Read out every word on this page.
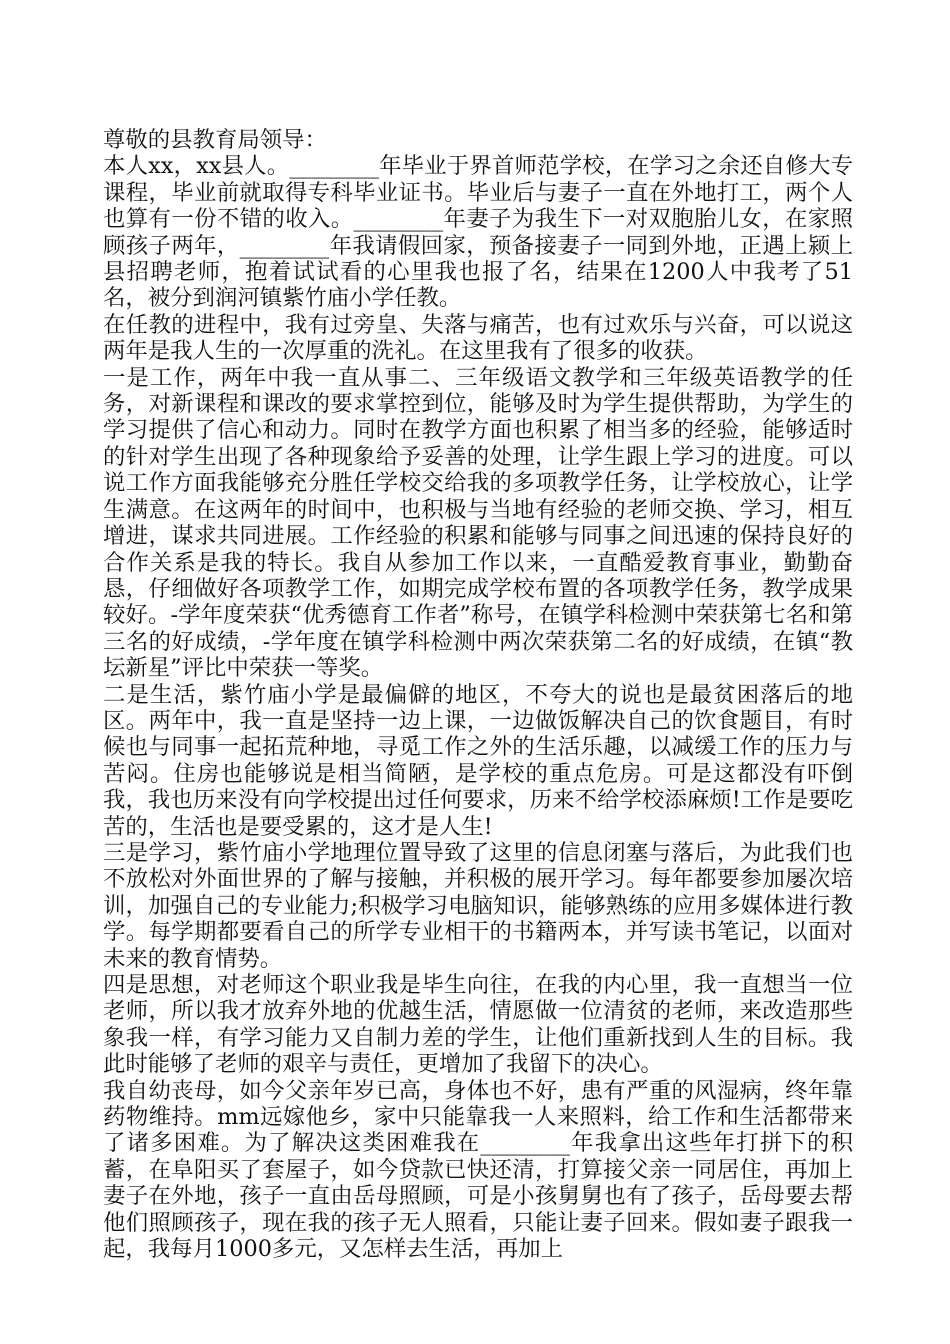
尊敬的县教育局领导：

本人xx，xx县人。________年毕业于界首师范学校，在学习之余还自修大专课程，毕业前就取得专科毕业证书。毕业后与妻子一直在外地打工，两个人也算有一份不错的收入。________年妻子为我生下一对双胞胎儿女，在家照顾孩子两年，________年我请假回家，预备接妻子一同到外地，正遇上颍上县招聘老师，抱着试试看的心里我也报了名，结果在1200人中我考了51名，被分到润河镇紫竹庙小学任教。

在任教的进程中，我有过旁皇、失落与痛苦，也有过欢乐与兴奋，可以说这两年是我人生的一次厚重的洗礼。在这里我有了很多的收获。

一是工作，两年中我一直从事二、三年级语文教学和三年级英语教学的任务，对新课程和课改的要求掌控到位，能够及时为学生提供帮助，为学生的学习提供了信心和动力。同时在教学方面也积累了相当多的经验，能够适时的针对学生出现了各种现象给予妥善的处理，让学生跟上学习的进度。可以说工作方面我能够充分胜任学校交给我的多项教学任务，让学校放心，让学生满意。在这两年的时间中，也积极与当地有经验的老师交换、学习，相互增进，谋求共同进展。工作经验的积累和能够与同事之间迅速的保持良好的合作关系是我的特长。我自从参加工作以来，一直酷爱教育事业，勤勤奋恳，仔细做好各项教学工作，如期完成学校布置的各项教学任务，教学成果较好。-学年度荣获“优秀德育工作者”称号，在镇学科检测中荣获第七名和第三名的好成绩，-学年度在镇学科检测中两次荣获第二名的好成绩，在镇“教坛新星”评比中荣获一等奖。

二是生活，紫竹庙小学是最偏僻的地区，不夸大的说也是最贫困落后的地区。两年中，我一直是坚持一边上课，一边做饭解决自己的饮食题目，有时候也与同事一起拓荒种地，寻觅工作之外的生活乐趣，以减缓工作的压力与苦闷。住房也能够说是相当简陋，是学校的重点危房。可是这都没有吓倒我，我也历来没有向学校提出过任何要求，历来不给学校添麻烦!工作是要吃苦的，生活也是要受累的，这才是人生!

三是学习，紫竹庙小学地理位置导致了这里的信息闭塞与落后，为此我们也不放松对外面世界的了解与接触，并积极的展开学习。每年都要参加屡次培训，加强自己的专业能力;积极学习电脑知识，能够熟练的应用多媒体进行教学。每学期都要看自己的所学专业相干的书籍两本，并写读书笔记，以面对未来的教育情势。

四是思想，对老师这个职业我是毕生向往，在我的内心里，我一直想当一位老师，所以我才放弃外地的优越生活，情愿做一位清贫的老师，来改造那些象我一样，有学习能力又自制力差的学生，让他们重新找到人生的目标。我此时能够了老师的艰辛与责任，更增加了我留下的决心。

我自幼丧母，如今父亲年岁已高，身体也不好，患有严重的风湿病，终年靠药物维持。mm远嫁他乡，家中只能靠我一人来照料，给工作和生活都带来了诸多困难。为了解决这类困难我在________年我拿出这些年打拼下的积蓄，在阜阳买了套屋子，如今贷款已快还清，打算接父亲一同居住，再加上妻子在外地，孩子一直由岳母照顾，可是小孩舅舅也有了孩子，岳母要去帮他们照顾孩子，现在我的孩子无人照看，只能让妻子回来。假如妻子跟我一起，我每月1000多元，又怎样去生活，再加上
